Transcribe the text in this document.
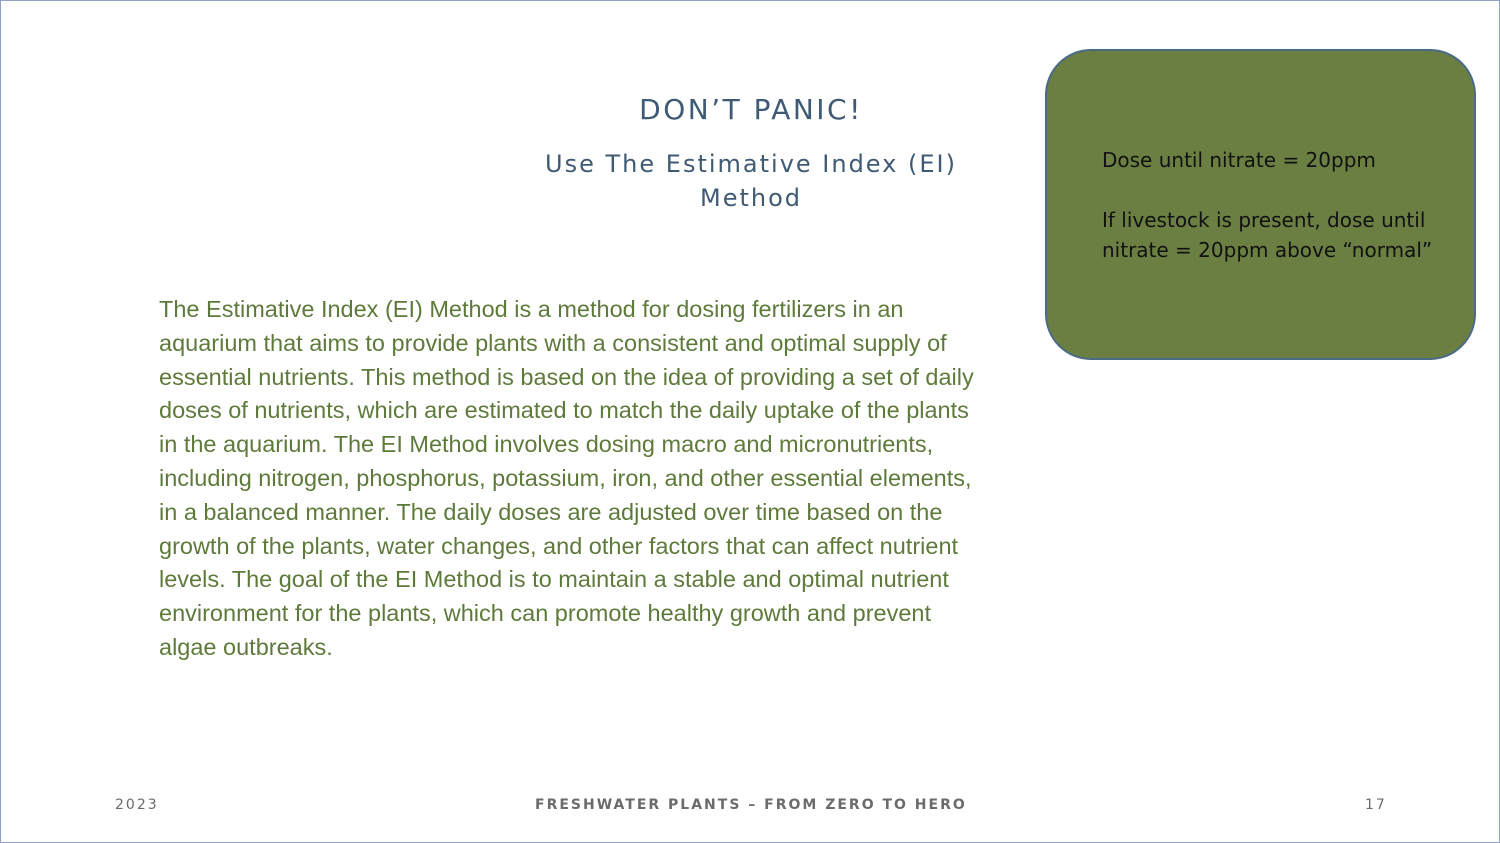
DON’T PANIC!
Use The Estimative Index (EI) Method

The Estimative Index (EI) Method is a method for dosing fertilizers in an aquarium that aims to provide plants with a consistent and optimal supply of essential nutrients. This method is based on the idea of providing a set of daily doses of nutrients, which are estimated to match the daily uptake of the plants in the aquarium. The EI Method involves dosing macro and micronutrients, including nitrogen, phosphorus, potassium, iron, and other essential elements, in a balanced manner. The daily doses are adjusted over time based on the growth of the plants, water changes, and other factors that can affect nutrient levels. The goal of the EI Method is to maintain a stable and optimal nutrient environment for the plants, which can promote healthy growth and prevent algae outbreaks.

Dose until nitrate = 20ppm

If livestock is present, dose until nitrate = 20ppm above “normal”

2023	FRESHWATER PLANTS – FROM ZERO TO HERO	17
